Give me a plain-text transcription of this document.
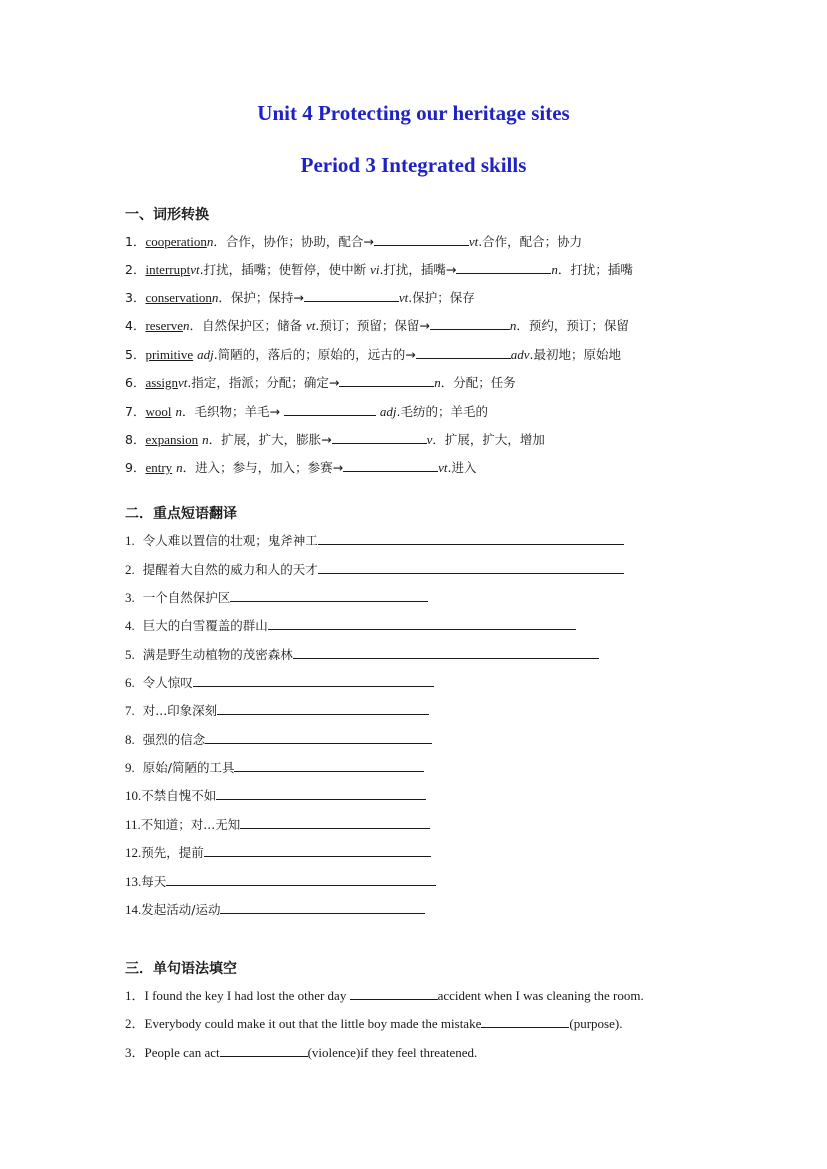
Unit 4 Protecting our heritage sites
Period 3 Integrated skills
一、词形转换
1．cooperationn．合作，协作；协助，配合→	vt.合作，配合；协力
2．interruptvt.打扰，插嘴；使暂停，使中断 vi.打扰，插嘴→	n．打扰；插嘴
3．conservationn．保护；保持→	vt.保护；保存
4．reserven．自然保护区；储备 vt.预订；预留；保留→	n．预约，预订；保留
5．primitive adj.简陋的，落后的；原始的，远古的→	adv.最初地；原始地
6．assignvt.指定，指派；分配；确定→	n．分配；任务
7．wool n．毛织物；羊毛→	adj.毛纺的；羊毛的
8．expansion n．扩展，扩大，膨胀→	v．扩展，扩大，增加
9．entry n．进入；参与，加入；参赛→	vt.进入
二．重点短语翻译
1. 令人难以置信的壮观；鬼斧神工
2. 提醒着大自然的威力和人的天才
3. 一个自然保护区
4. 巨大的白雪覆盖的群山
5. 满是野生动植物的茂密森林
6. 令人惊叹
7. 对...印象深刻
8. 强烈的信念
9. 原始/简陋的工具
10.不禁自愧不如
11.不知道；对...无知
12.预先，提前
13.每天
14.发起活动/运动
三．单句语法填空
1．I found the key I had lost the other day	accident when I was cleaning the room.
2．Everybody could make it out that the little boy made the mistake	(purpose).
3．People can act	(violence)if they feel threatened.
